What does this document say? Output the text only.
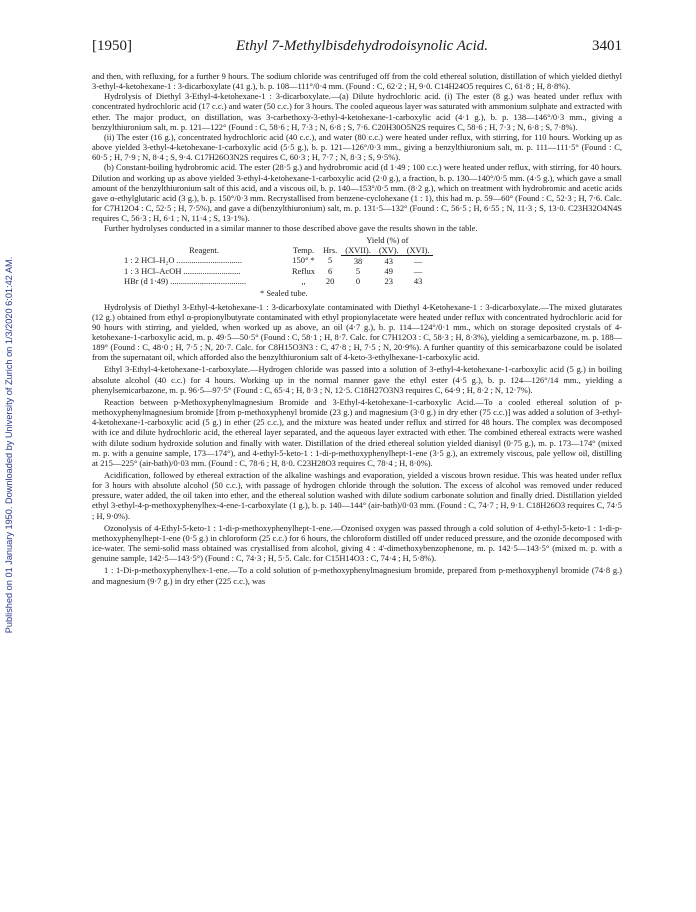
Published on 01 January 1950. Downloaded by University of Zurich on 1/3/2020 6:01:42 AM.
[1950]	Ethyl 7-Methylbisdehydrodoisynolic Acid.	3401

and then, with refluxing, for a further 9 hours. The sodium chloride was centrifuged off from the cold ethereal solution, distillation of which yielded diethyl 3-ethyl-4-ketohexane-1 : 3-dicarboxylate (41 g.), b. p. 108—111°/0·4 mm. (Found : C, 62·2 ; H, 9·0. C14H24O5 requires C, 61·8 ; H, 8·8%).

Hydrolysis of Diethyl 3-Ethyl-4-ketohexane-1 : 3-dicarboxylate.—(a) Dilute hydrochloric acid. (i) The ester (8 g.) was heated under reflux with concentrated hydrochloric acid (17 c.c.) and water (50 c.c.) for 3 hours. The cooled aqueous layer was saturated with ammonium sulphate and extracted with ether. The major product, on distillation, was 3-carbethoxy-3-ethyl-4-ketohexane-1-carboxylic acid (4·1 g.), b. p. 138—146°/0·3 mm., giving a benzylthiuronium salt, m. p. 121—122° (Found : C, 58·6 ; H, 7·3 ; N, 6·8 ; S, 7·6. C20H30O5N2S requires C, 58·6 ; H, 7·3 ; N, 6·8 ; S, 7·8%).

(ii) The ester (16 g.), concentrated hydrochloric acid (40 c.c.), and water (80 c.c.) were heated under reflux, with stirring, for 110 hours. Working up as above yielded 3-ethyl-4-ketohexane-1-carboxylic acid (5·5 g.), b. p. 121—126°/0·3 mm., giving a benzylthiuronium salt, m. p. 111—111·5° (Found : C, 60·5 ; H, 7·9 ; N, 8·4 ; S, 9·4. C17H26O3N2S requires C, 60·3 ; H, 7·7 ; N, 8·3 ; S, 9·5%).

(b) Constant-boiling hydrobromic acid. The ester (28·5 g.) and hydrobromic acid (d 1·49 ; 100 c.c.) were heated under reflux, with stirring, for 40 hours. Dilution and working up as above yielded 3-ethyl-4-ketohexane-1-carboxylic acid (2·0 g.), a fraction, b. p. 130—140°/0·5 mm. (4·5 g.), which gave a small amount of the benzylthiuronium salt of this acid, and a viscous oil, b. p. 140—153°/0·5 mm. (8·2 g.), which on treatment with hydrobromic and acetic acids gave α-ethylglutaric acid (3 g.), b. p. 150°/0·3 mm. Recrystallised from benzene-cyclohexane (1 : 1), this had m. p. 59—60° (Found : C, 52·3 ; H, 7·6. Calc. for C7H12O4 : C, 52·5 ; H, 7·5%), and gave a di(benzylthiuronium) salt, m. p. 131·5—132° (Found : C, 56·5 ; H, 6·55 ; N, 11·3 ; S, 13·0. C23H32O4N4S requires C, 56·3 ; H, 6·1 ; N, 11·4 ; S, 13·1%).

Further hydrolyses conducted in a similar manner to those described above gave the results shown in the table.

			Yield (%) of		
Reagent.	Temp.	Hrs.	(XVII).	(XV).	(XVI).
1 : 2 HCl–H₂O ...............................	150° *	5	38	43	—
1 : 3 HCl–AcOH ...........................	Reflux	6	5	49	—
HBr (d 1·49) ....................................	,,	20	0	23	43
* Sealed tube.

Hydrolysis of Diethyl 3-Ethyl-4-ketohexane-1 : 3-dicarboxylate contaminated with Diethyl 4-Ketohexane-1 : 3-dicarboxylate.—The mixed glutarates (12 g.) obtained from ethyl α-propionylbutyrate contaminated with ethyl propionylacetate were heated under reflux with concentrated hydrochloric acid for 90 hours with stirring, and yielded, when worked up as above, an oil (4·7 g.), b. p. 114—124°/0·1 mm., which on storage deposited crystals of 4-ketohexane-1-carboxylic acid, m. p. 49·5—50·5° (Found : C, 58·1 ; H, 8·7. Calc. for C7H12O3 : C, 58·3 ; H, 8·3%), yielding a semicarbazone, m. p. 188—189° (Found : C, 48·0 ; H, 7·5 ; N, 20·7. Calc. for C8H15O3N3 : C, 47·8 ; H, 7·5 ; N, 20·9%). A further quantity of this semicarbazone could be isolated from the supernatant oil, which afforded also the benzylthiuronium salt of 4-keto-3-ethylhexane-1-carboxylic acid.

Ethyl 3-Ethyl-4-ketohexane-1-carboxylate.—Hydrogen chloride was passed into a solution of 3-ethyl-4-ketohexane-1-carboxylic acid (5 g.) in boiling absolute alcohol (40 c.c.) for 4 hours. Working up in the normal manner gave the ethyl ester (4·5 g.), b. p. 124—126°/14 mm., yielding a phenylsemicarbazone, m. p. 96·5—97·5° (Found : C, 65·4 ; H, 8·3 ; N, 12·5. C18H27O3N3 requires C, 64·9 ; H, 8·2 ; N, 12·7%).

Reaction between p-Methoxyphenylmagnesium Bromide and 3-Ethyl-4-ketohexane-1-carboxylic Acid.—To a cooled ethereal solution of p-methoxyphenylmagnesium bromide [from p-methoxyphenyl bromide (23 g.) and magnesium (3·0 g.) in dry ether (75 c.c.)] was added a solution of 3-ethyl-4-ketohexane-1-carboxylic acid (5 g.) in ether (25 c.c.), and the mixture was heated under reflux and stirred for 48 hours. The complex was decomposed with ice and dilute hydrochloric acid, the ethereal layer separated, and the aqueous layer extracted with ether. The combined ethereal extracts were washed with dilute sodium hydroxide solution and finally with water. Distillation of the dried ethereal solution yielded dianisyl (0·75 g.), m. p. 173—174° (mixed m. p. with a genuine sample, 173—174°), and 4-ethyl-5-keto-1 : 1-di-p-methoxyphenylhept-1-ene (3·5 g.), an extremely viscous, pale yellow oil, distilling at 215—225° (air-bath)/0·03 mm. (Found : C, 78·6 ; H, 8·0. C23H28O3 requires C, 78·4 ; H, 8·0%).

Acidification, followed by ethereal extraction of the alkaline washings and evaporation, yielded a viscous brown residue. This was heated under reflux for 3 hours with absolute alcohol (50 c.c.), with passage of hydrogen chloride through the solution. The excess of alcohol was removed under reduced pressure, water added, the oil taken into ether, and the ethereal solution washed with dilute sodium carbonate solution and finally dried. Distillation yielded ethyl 3-ethyl-4-p-methoxyphenylhex-4-ene-1-carboxylate (1 g.), b. p. 140—144° (air-bath)/0·03 mm. (Found : C, 74·7 ; H, 9·1. C18H26O3 requires C, 74·5 ; H, 9·0%).

Ozonolysis of 4-Ethyl-5-keto-1 : 1-di-p-methoxyphenylhept-1-ene.—Ozonised oxygen was passed through a cold solution of 4-ethyl-5-keto-1 : 1-di-p-methoxyphenylhept-1-ene (0·5 g.) in chloroform (25 c.c.) for 6 hours, the chloroform distilled off under reduced pressure, and the ozonide decomposed with ice-water. The semi-solid mass obtained was crystallised from alcohol, giving 4 : 4'-dimethoxybenzophenone, m. p. 142·5—143·5° (mixed m. p. with a genuine sample, 142·5—143·5°) (Found : C, 74·3 ; H, 5·5. Calc. for C15H14O3 : C, 74·4 ; H, 5·8%).

1 : 1-Di-p-methoxyphenylhex-1-ene.—To a cold solution of p-methoxyphenylmagnesium bromide, prepared from p-methoxyphenyl bromide (74·8 g.) and magnesium (9·7 g.) in dry ether (225 c.c.), was
